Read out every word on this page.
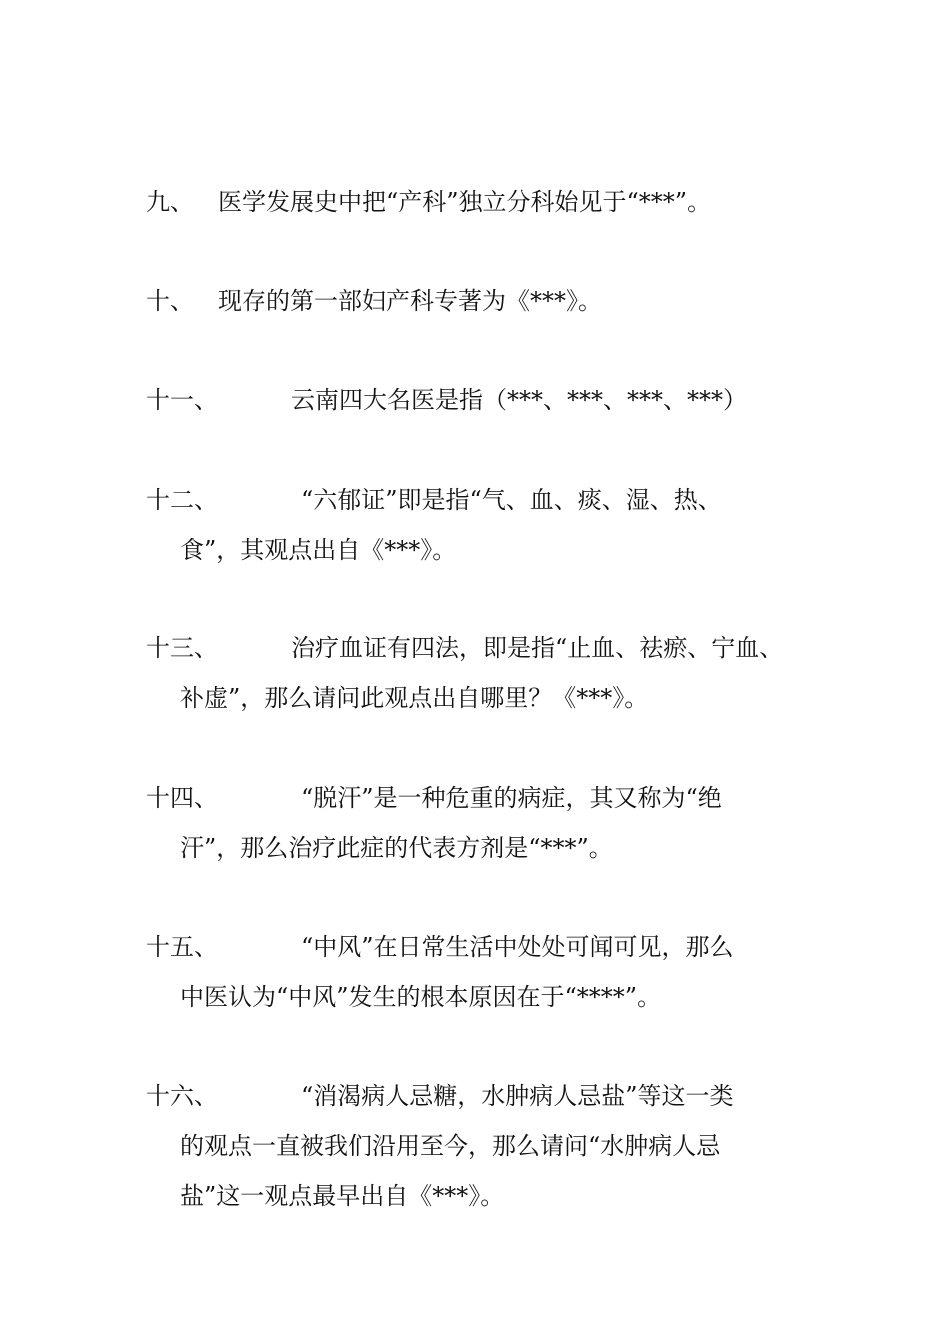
九、 医学发展史中把“产科”独立分科始见于“***”。
十、 现存的第一部妇产科专著为《***》。
十一、	云南四大名医是指（***、***、***、***）
十二、	“六郁证”即是指“气、血、痰、湿、热、
食”，其观点出自《***》。
十三、	治疗血证有四法，即是指“止血、祛瘀、宁血、
补虚”，那么请问此观点出自哪里？《***》。
十四、	“脱汗”是一种危重的病症，其又称为“绝
汗”，那么治疗此症的代表方剂是“***”。
十五、	“中风”在日常生活中处处可闻可见，那么
中医认为“中风”发生的根本原因在于“****”。
十六、	“消渴病人忌糖，水肿病人忌盐”等这一类
的观点一直被我们沿用至今，那么请问“水肿病人忌
盐”这一观点最早出自《***》。
